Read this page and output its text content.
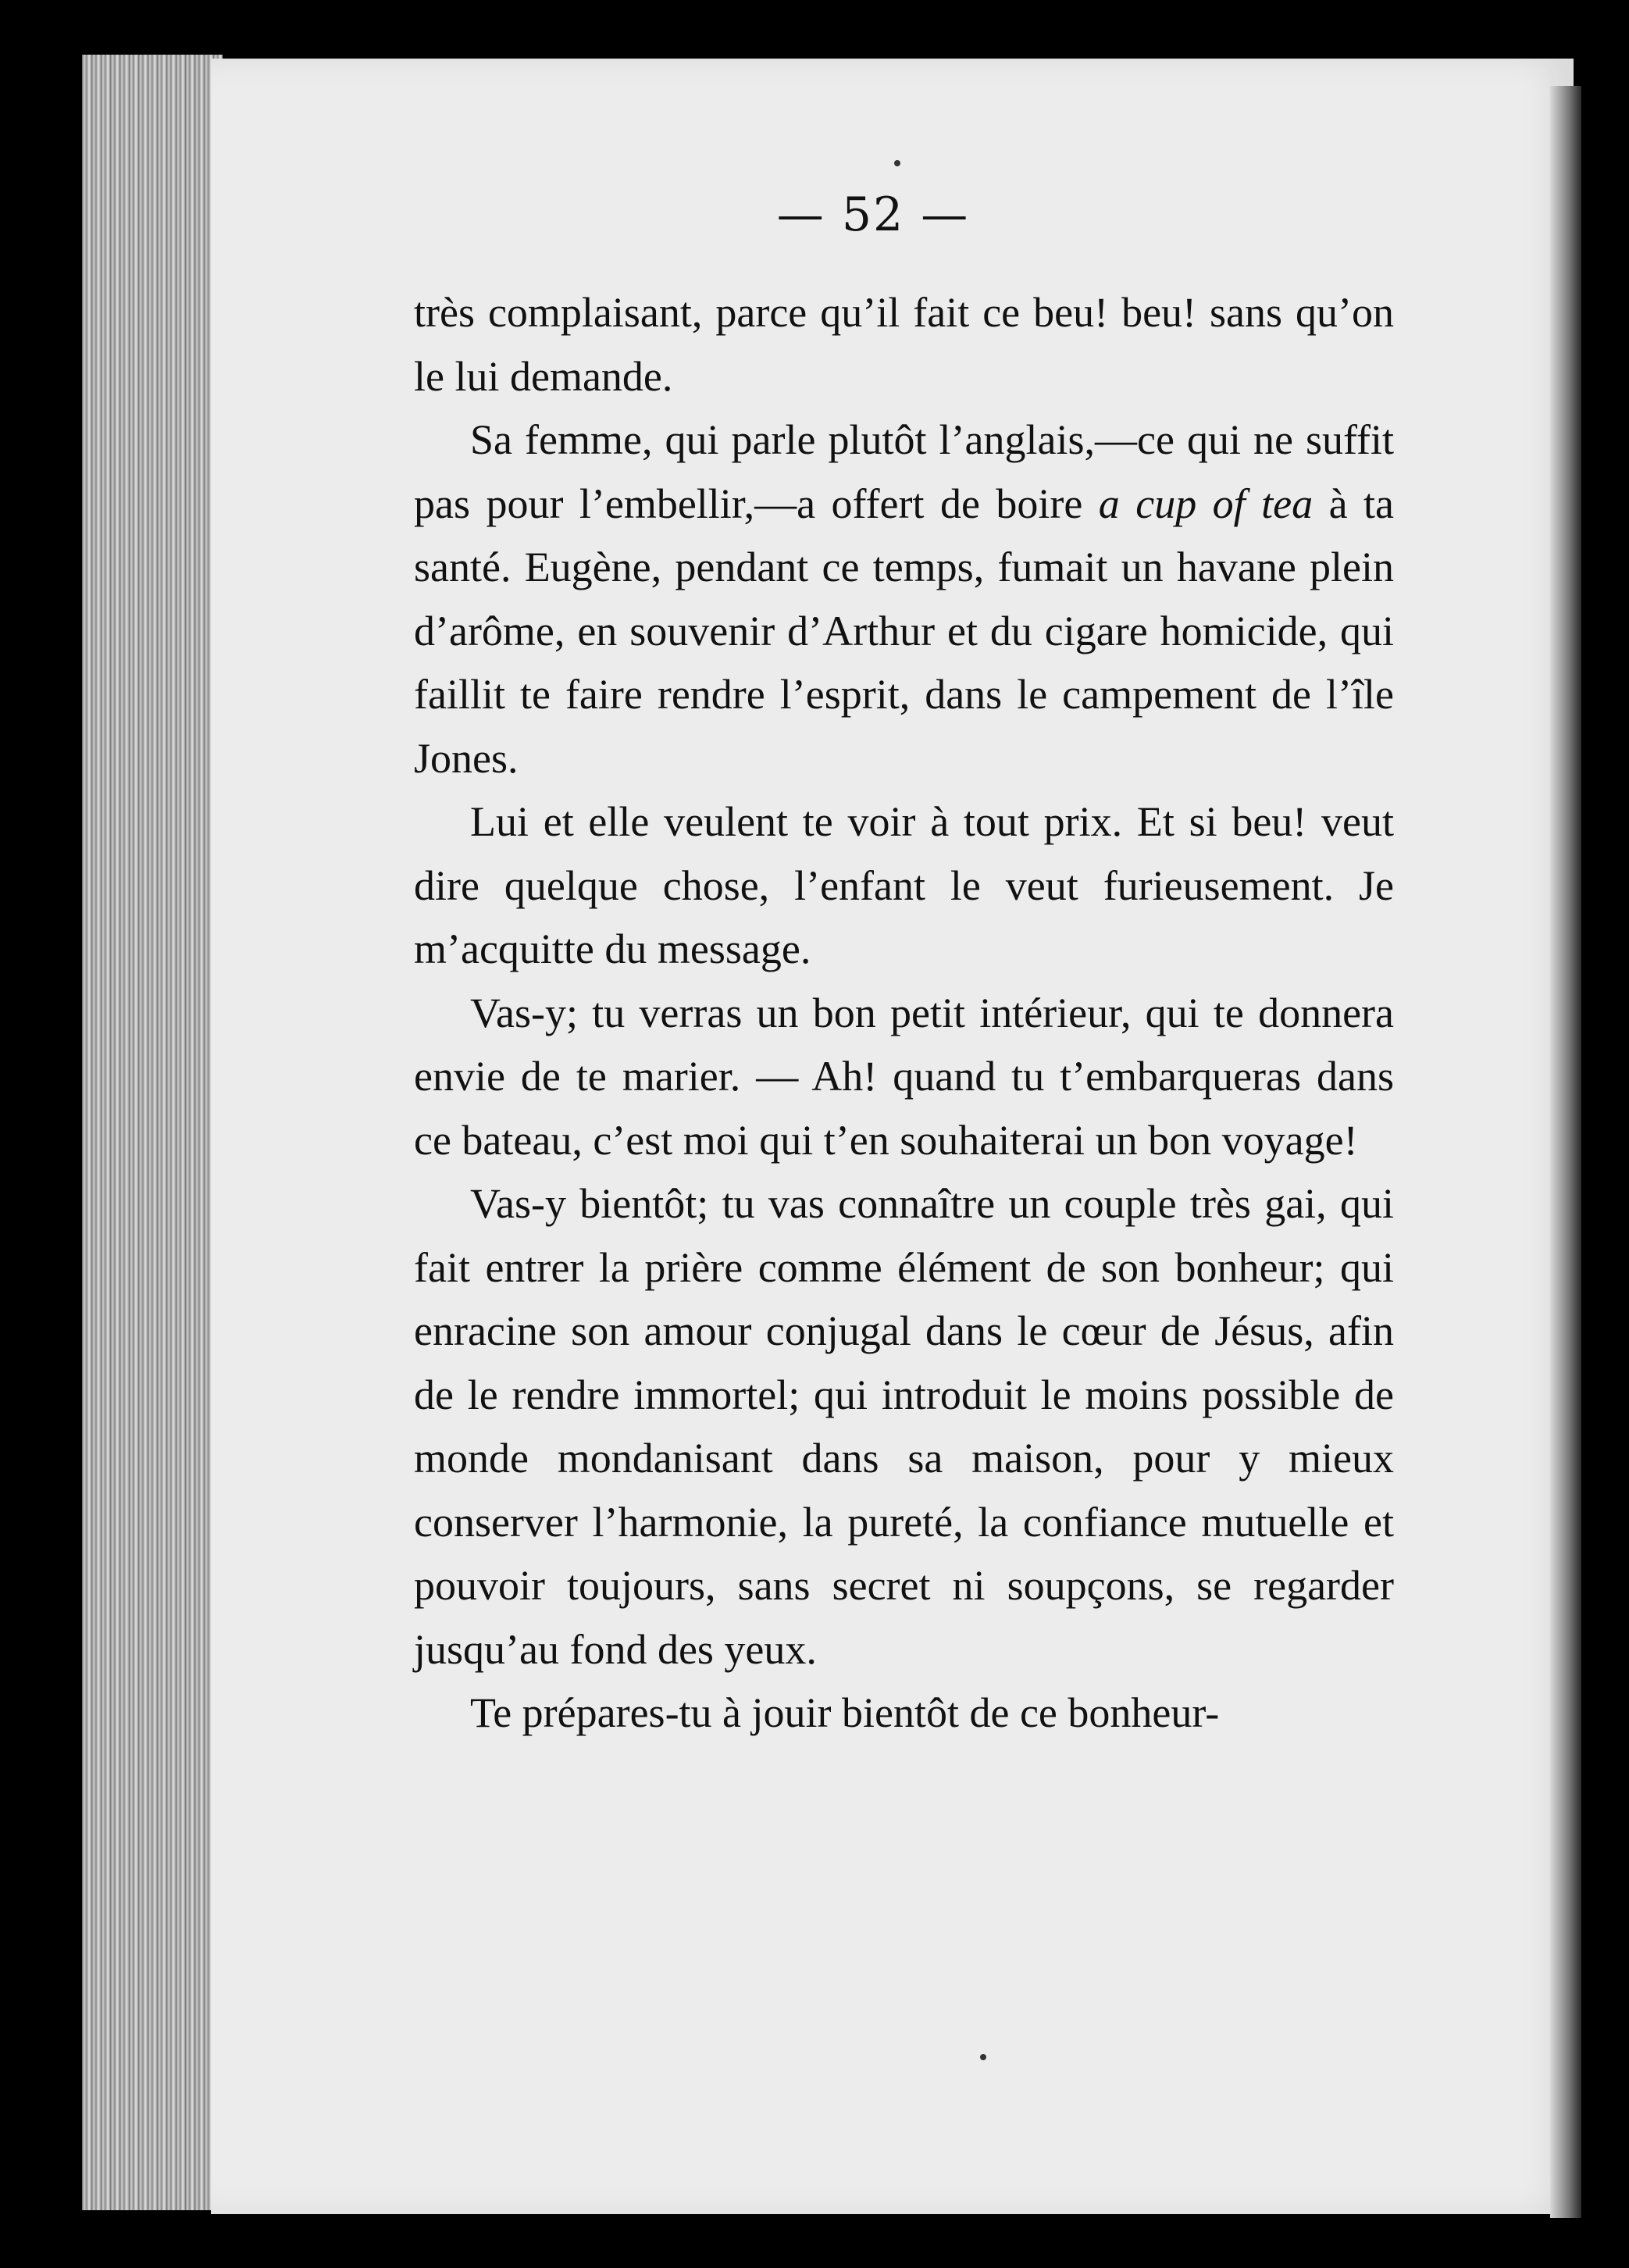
— 52 —

très complaisant, parce qu’il fait ce beu! beu! sans qu’on le lui demande.

Sa femme, qui parle plutôt l’anglais,—ce qui ne suffit pas pour l’embellir,—a offert de boire a cup of tea à ta santé. Eugène, pendant ce temps, fumait un havane plein d’arôme, en souvenir d’Arthur et du cigare homicide, qui faillit te faire rendre l’esprit, dans le campement de l’île Jones.

Lui et elle veulent te voir à tout prix. Et si beu! veut dire quelque chose, l’enfant le veut furieusement. Je m’acquitte du message.

Vas-y; tu verras un bon petit intérieur, qui te donnera envie de te marier. — Ah! quand tu t’embarqueras dans ce bateau, c’est moi qui t’en souhaiterai un bon voyage!

Vas-y bientôt; tu vas connaître un couple très gai, qui fait entrer la prière comme élément de son bonheur; qui enracine son amour conjugal dans le cœur de Jésus, afin de le rendre immortel; qui introduit le moins possible de monde mondanisant dans sa maison, pour y mieux conserver l’harmonie, la pureté, la confiance mutuelle et pouvoir toujours, sans secret ni soupçons, se regarder jusqu’au fond des yeux.

Te prépares-tu à jouir bientôt de ce bonheur-
